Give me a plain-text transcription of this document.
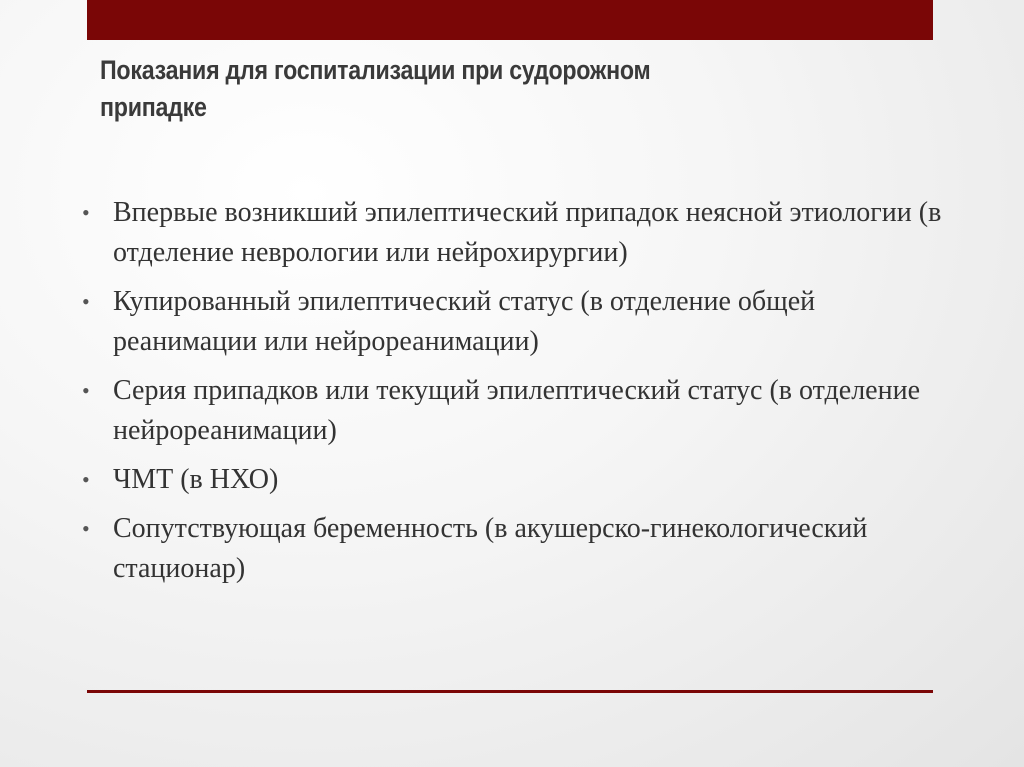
Показания для госпитализации при судорожном припадке
• Впервые возникший эпилептический припадок неясной этиологии (в отделение неврологии или нейрохирургии)
• Купированный эпилептический статус (в отделение общей реанимации или нейрореанимации)
• Серия припадков или текущий эпилептический статус (в отделение нейрореанимации)
• ЧМТ (в НХО)
• Сопутствующая беременность (в акушерско-гинекологический стационар)
